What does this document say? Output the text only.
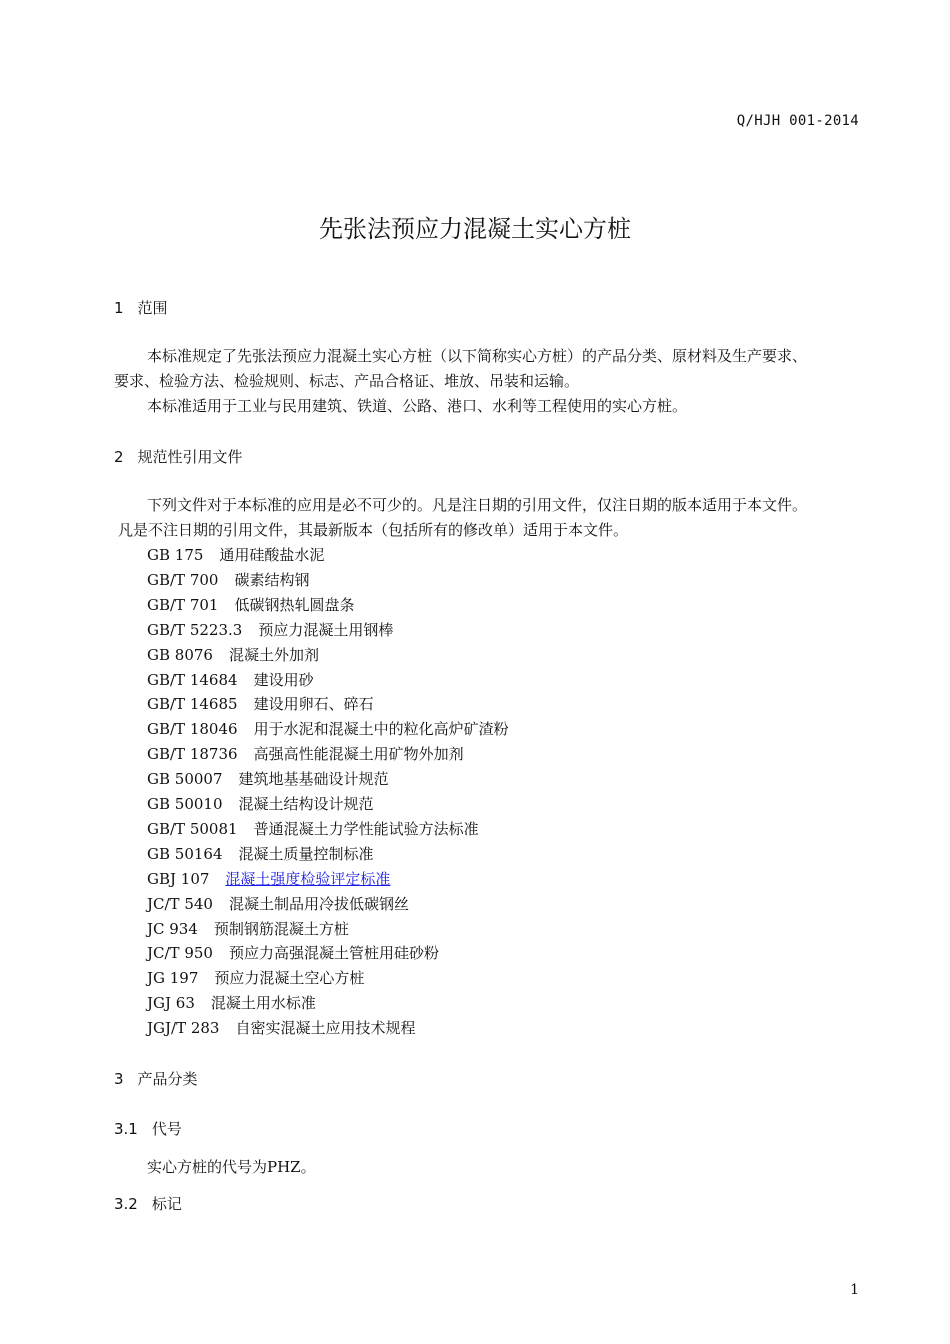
Q/HJH 001-2014
先张法预应力混凝土实心方桩
1 范围
本标准规定了先张法预应力混凝土实心方桩（以下简称实心方桩）的产品分类、原材料及生产要求、
要求、检验方法、检验规则、标志、产品合格证、堆放、吊装和运输。
本标准适用于工业与民用建筑、铁道、公路、港口、水利等工程使用的实心方桩。
2 规范性引用文件
下列文件对于本标准的应用是必不可少的。凡是注日期的引用文件，仅注日期的版本适用于本文件。
凡是不注日期的引用文件，其最新版本（包括所有的修改单）适用于本文件。
GB 175 通用硅酸盐水泥
GB/T 700 碳素结构钢
GB/T 701 低碳钢热轧圆盘条
GB/T 5223.3 预应力混凝土用钢棒
GB 8076 混凝土外加剂
GB/T 14684 建设用砂
GB/T 14685 建设用卵石、碎石
GB/T 18046 用于水泥和混凝土中的粒化高炉矿渣粉
GB/T 18736 高强高性能混凝土用矿物外加剂
GB 50007 建筑地基基础设计规范
GB 50010 混凝土结构设计规范
GB/T 50081 普通混凝土力学性能试验方法标准
GB 50164 混凝土质量控制标准
GBJ 107 混凝土强度检验评定标准
JC/T 540 混凝土制品用冷拔低碳钢丝
JC 934 预制钢筋混凝土方桩
JC/T 950 预应力高强混凝土管桩用硅砂粉
JG 197 预应力混凝土空心方桩
JGJ 63 混凝土用水标准
JGJ/T 283 自密实混凝土应用技术规程
3 产品分类
3.1 代号
实心方桩的代号为PHZ。
3.2 标记
1
